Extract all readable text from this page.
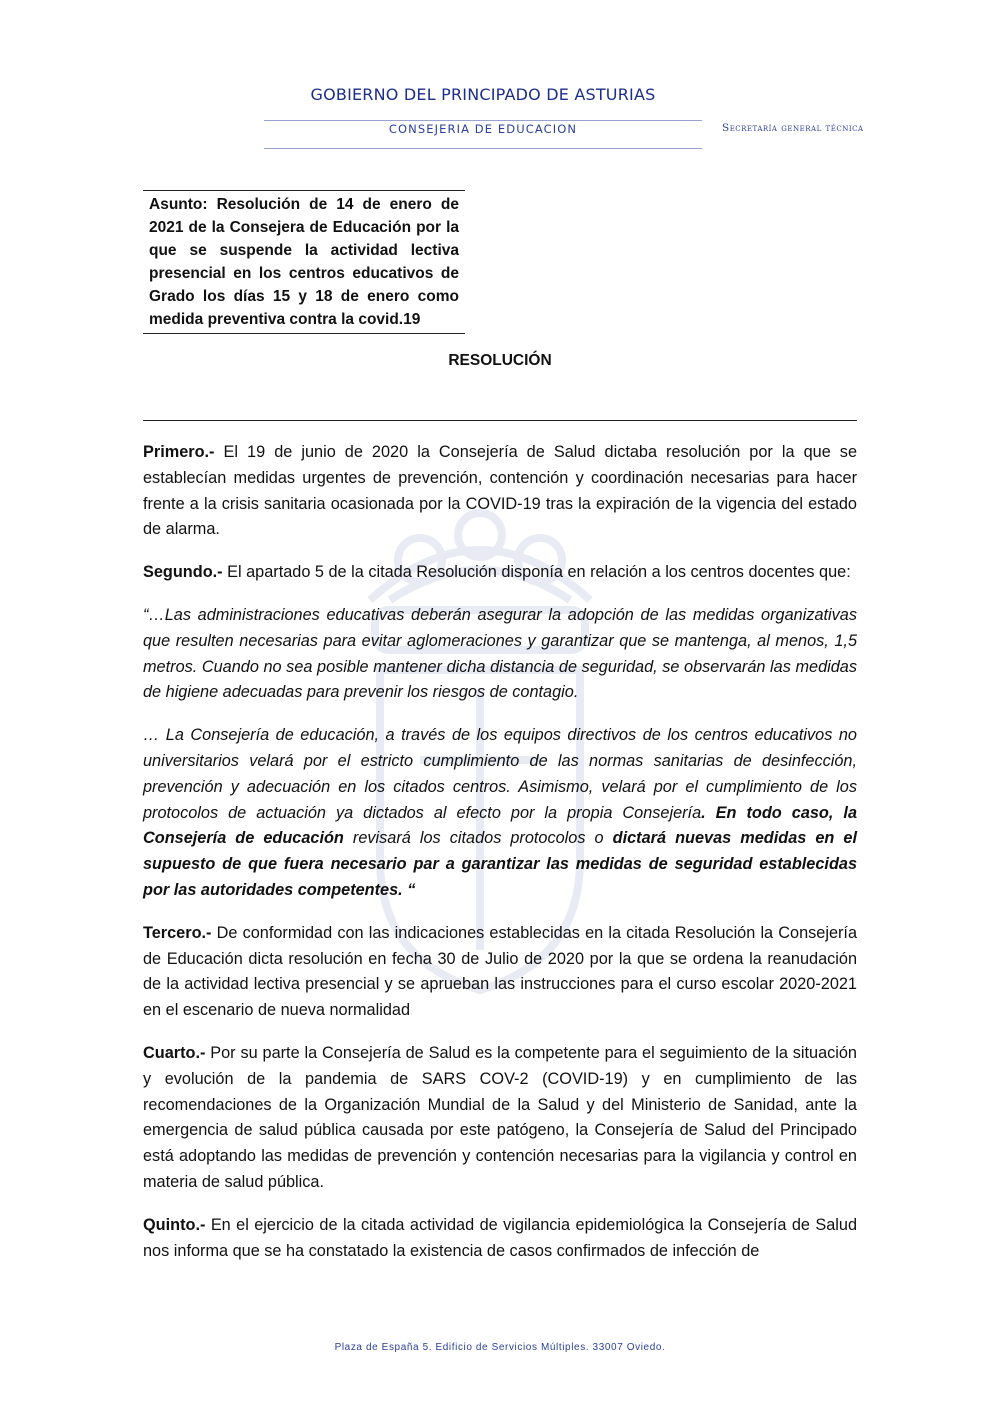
GOBIERNO DEL PRINCIPADO DE ASTURIAS
CONSEJERIA DE EDUCACION	Secretaría general técnica
Asunto: Resolución de 14 de enero de 2021 de la Consejera de Educación por la que se suspende la actividad lectiva presencial en los centros educativos de Grado los días 15 y 18 de enero como medida preventiva contra la covid.19
RESOLUCIÓN

Primero.- El 19 de junio de 2020 la Consejería de Salud dictaba resolución por la que se establecían medidas urgentes de prevención, contención y coordinación necesarias para hacer frente a la crisis sanitaria ocasionada por la COVID-19 tras la expiración de la vigencia del estado de alarma.

Segundo.- El apartado 5 de la citada Resolución disponía en relación a los centros docentes que:

“…Las administraciones educativas deberán asegurar la adopción de las medidas organizativas que resulten necesarias para evitar aglomeraciones y garantizar que se mantenga, al menos, 1,5 metros. Cuando no sea posible mantener dicha distancia de seguridad, se observarán las medidas de higiene adecuadas para prevenir los riesgos de contagio.

… La Consejería de educación, a través de los equipos directivos de los centros educativos no universitarios velará por el estricto cumplimiento de las normas sanitarias de desinfección, prevención y adecuación en los citados centros. Asimismo, velará por el cumplimiento de los protocolos de actuación ya dictados al efecto por la propia Consejería. En todo caso, la Consejería de educación revisará los citados protocolos o dictará nuevas medidas en el supuesto de que fuera necesario par a garantizar las medidas de seguridad establecidas por las autoridades competentes. “

Tercero.- De conformidad con las indicaciones establecidas en la citada Resolución la Consejería de Educación dicta resolución en fecha 30 de Julio de 2020 por la que se ordena la reanudación de la actividad lectiva presencial y se aprueban las instrucciones para el curso escolar 2020-2021 en el escenario de nueva normalidad

Cuarto.- Por su parte la Consejería de Salud es la competente para el seguimiento de la situación y evolución de la pandemia de SARS COV-2 (COVID-19) y en cumplimiento de las recomendaciones de la Organización Mundial de la Salud y del Ministerio de Sanidad, ante la emergencia de salud pública causada por este patógeno, la Consejería de Salud del Principado está adoptando las medidas de prevención y contención necesarias para la vigilancia y control en materia de salud pública.

Quinto.- En el ejercicio de la citada actividad de vigilancia epidemiológica la Consejería de Salud nos informa que se ha constatado la existencia de casos confirmados de infección de

Plaza de España 5. Edificio de Servicios Múltiples. 33007 Oviedo.
